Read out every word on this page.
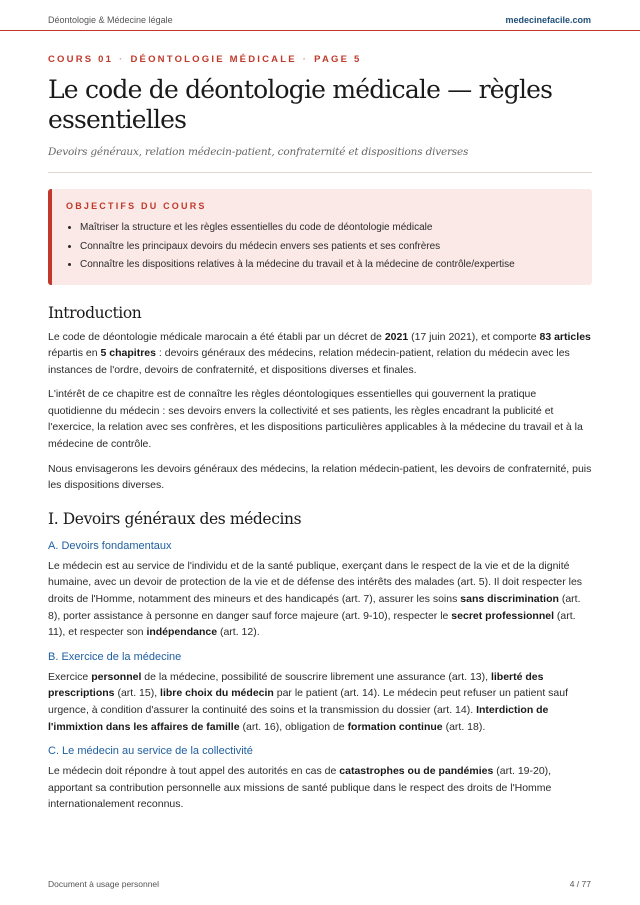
Déontologie & Médecine légale	medecinefacile.com
COURS 01 · DÉONTOLOGIE MÉDICALE · PAGE 5
Le code de déontologie médicale — règles essentielles
Devoirs généraux, relation médecin-patient, confraternité et dispositions diverses
OBJECTIFS DU COURS
• Maîtriser la structure et les règles essentielles du code de déontologie médicale
• Connaître les principaux devoirs du médecin envers ses patients et ses confrères
• Connaître les dispositions relatives à la médecine du travail et à la médecine de contrôle/expertise
Introduction

Le code de déontologie médicale marocain a été établi par un décret de 2021 (17 juin 2021), et comporte 83 articles répartis en 5 chapitres : devoirs généraux des médecins, relation médecin-patient, relation du médecin avec les instances de l'ordre, devoirs de confraternité, et dispositions diverses et finales.

L'intérêt de ce chapitre est de connaître les règles déontologiques essentielles qui gouvernent la pratique quotidienne du médecin : ses devoirs envers la collectivité et ses patients, les règles encadrant la publicité et l'exercice, la relation avec ses confrères, et les dispositions particulières applicables à la médecine du travail et à la médecine de contrôle.

Nous envisagerons les devoirs généraux des médecins, la relation médecin-patient, les devoirs de confraternité, puis les dispositions diverses.

I. Devoirs généraux des médecins
A. Devoirs fondamentaux

Le médecin est au service de l'individu et de la santé publique, exerçant dans le respect de la vie et de la dignité humaine, avec un devoir de protection de la vie et de défense des intérêts des malades (art. 5). Il doit respecter les droits de l'Homme, notamment des mineurs et des handicapés (art. 7), assurer les soins sans discrimination (art. 8), porter assistance à personne en danger sauf force majeure (art. 9-10), respecter le secret professionnel (art. 11), et respecter son indépendance (art. 12).

B. Exercice de la médecine

Exercice personnel de la médecine, possibilité de souscrire librement une assurance (art. 13), liberté des prescriptions (art. 15), libre choix du médecin par le patient (art. 14). Le médecin peut refuser un patient sauf urgence, à condition d'assurer la continuité des soins et la transmission du dossier (art. 14). Interdiction de l'immixtion dans les affaires de famille (art. 16), obligation de formation continue (art. 18).

C. Le médecin au service de la collectivité

Le médecin doit répondre à tout appel des autorités en cas de catastrophes ou de pandémies (art. 19-20), apportant sa contribution personnelle aux missions de santé publique dans le respect des droits de l'Homme internationalement reconnus.

Document à usage personnel	4 / 77
